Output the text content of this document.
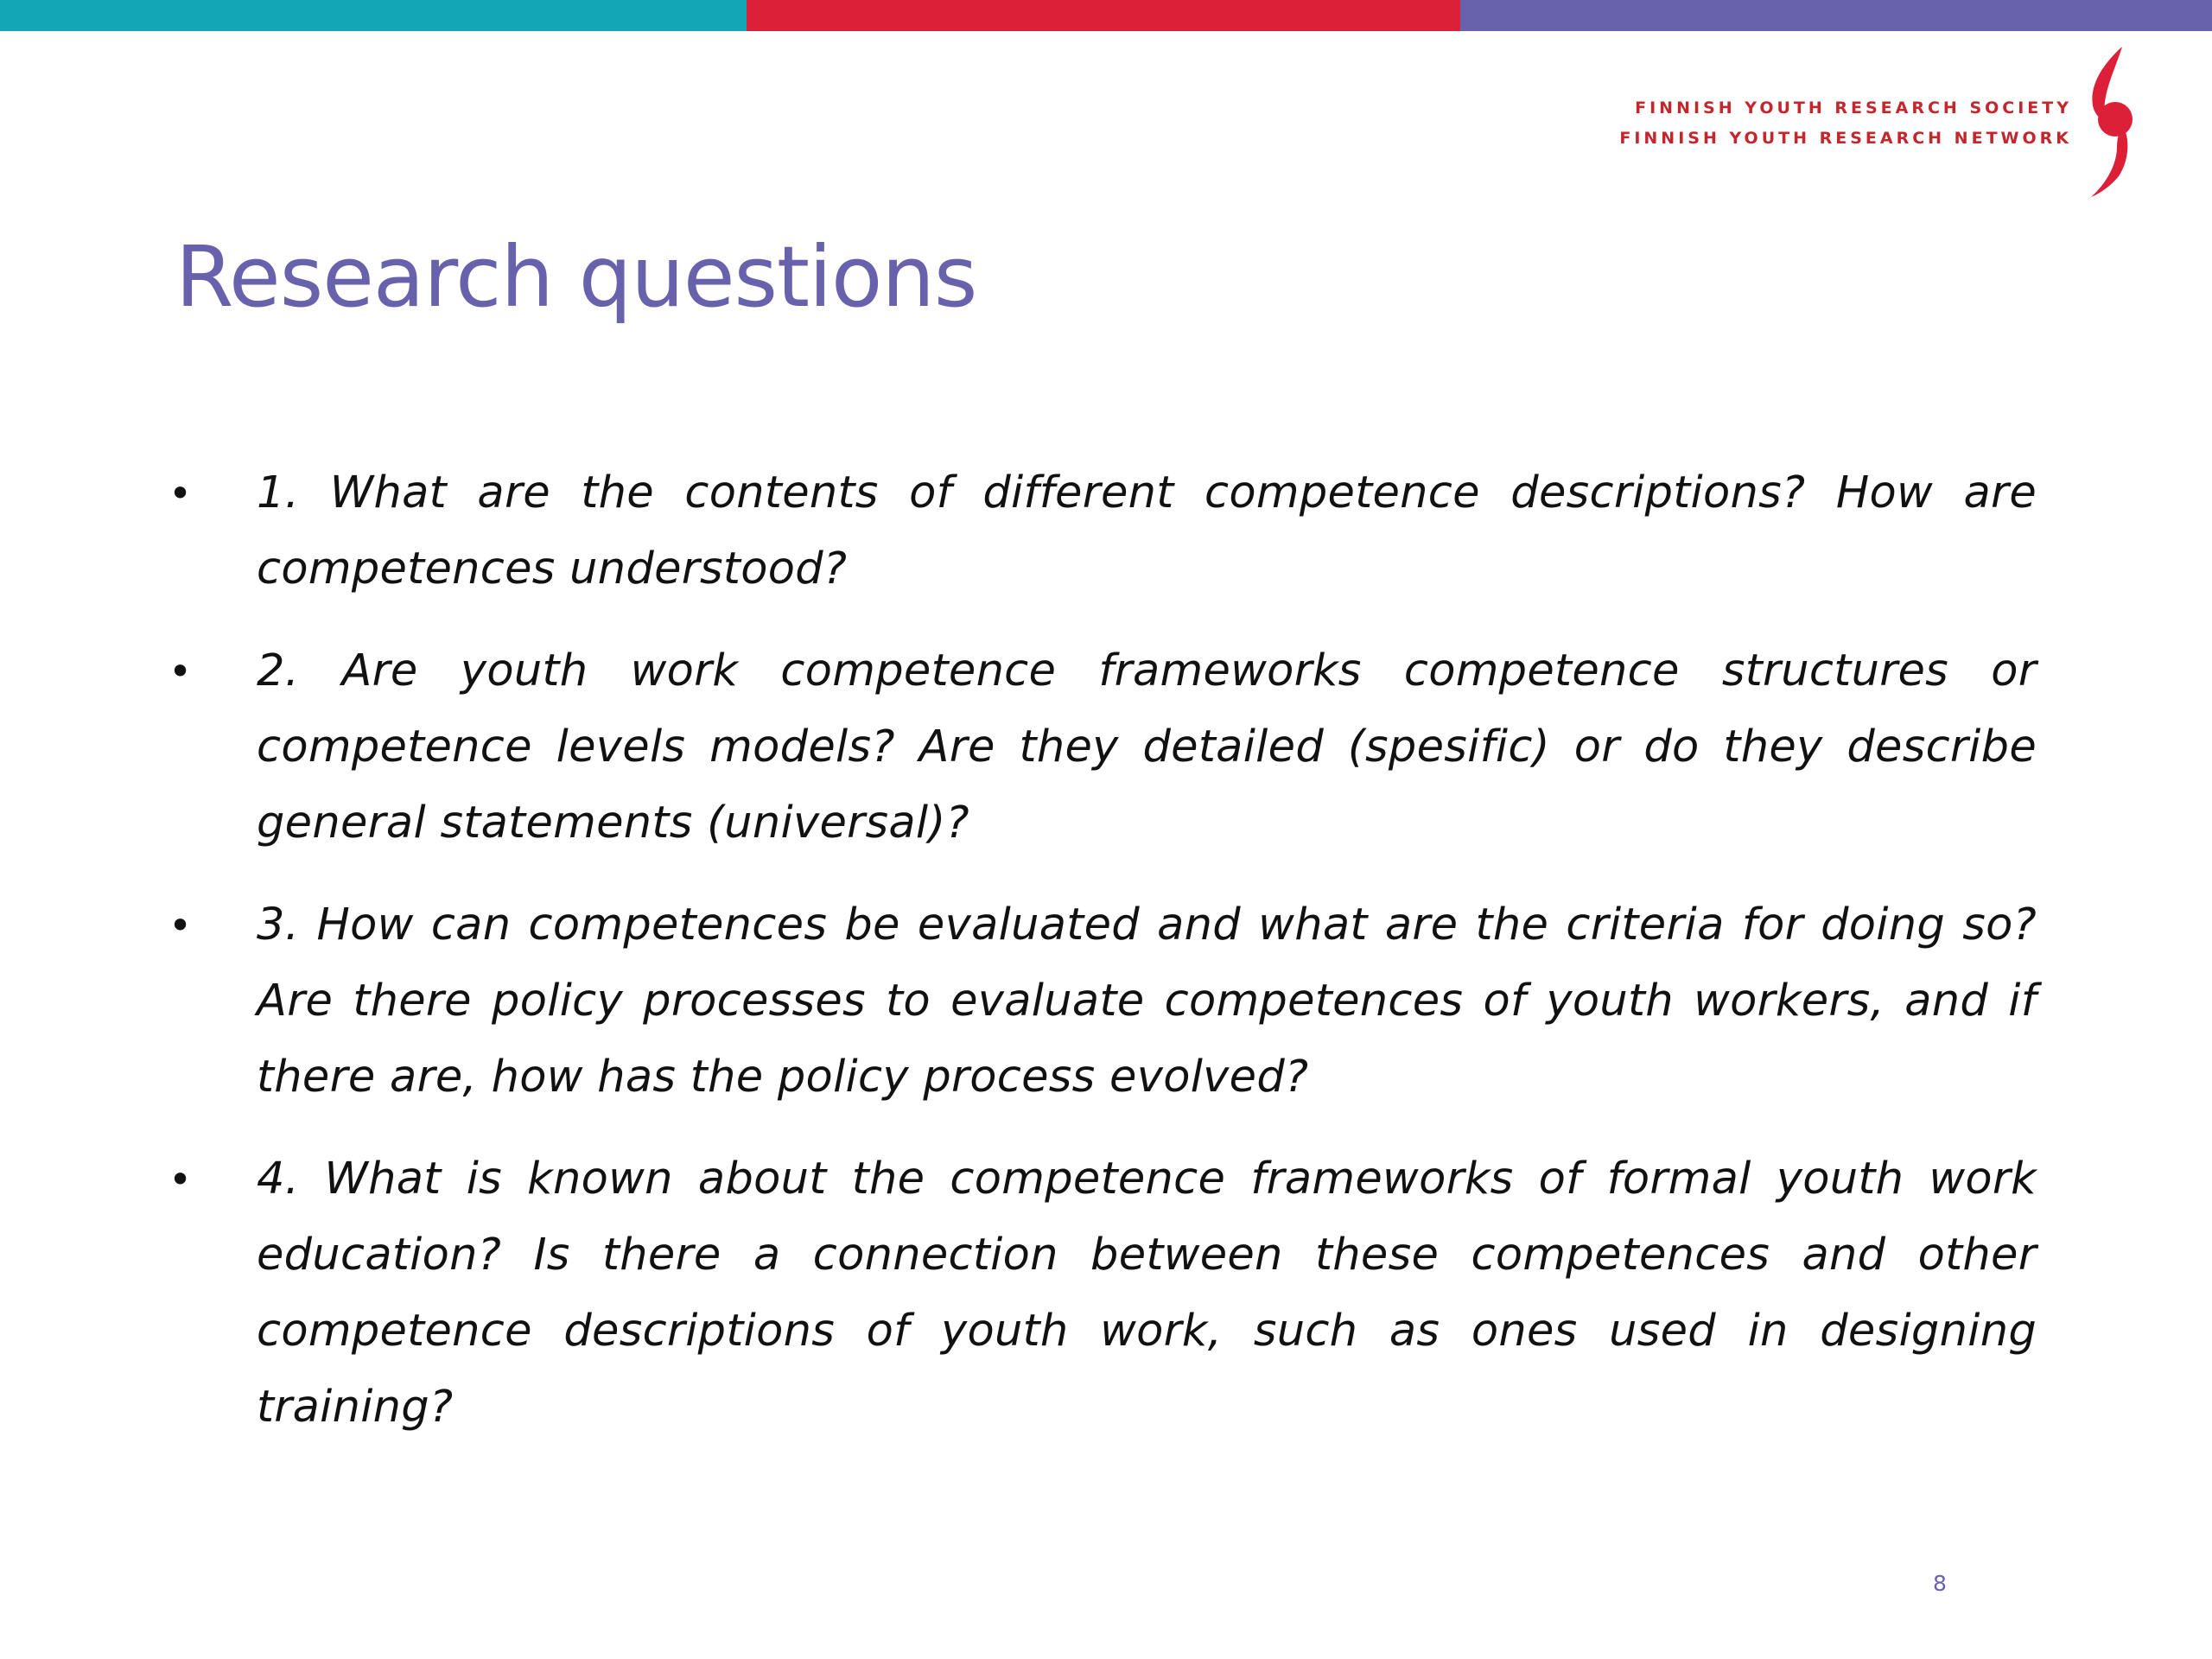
FINNISH YOUTH RESEARCH SOCIETY
FINNISH YOUTH RESEARCH NETWORK
Research questions
• 1. What are the contents of different competence descriptions? How are competences understood?
• 2. Are youth work competence frameworks competence structures or competence levels models? Are they detailed (spesific) or do they describe general statements (universal)?
• 3. How can competences be evaluated and what are the criteria for doing so? Are there policy processes to evaluate competences of youth workers, and if there are, how has the policy process evolved?
• 4. What is known about the competence frameworks of formal youth work education? Is there a connection between these competences and other competence descriptions of youth work, such as ones used in designing training?
8
